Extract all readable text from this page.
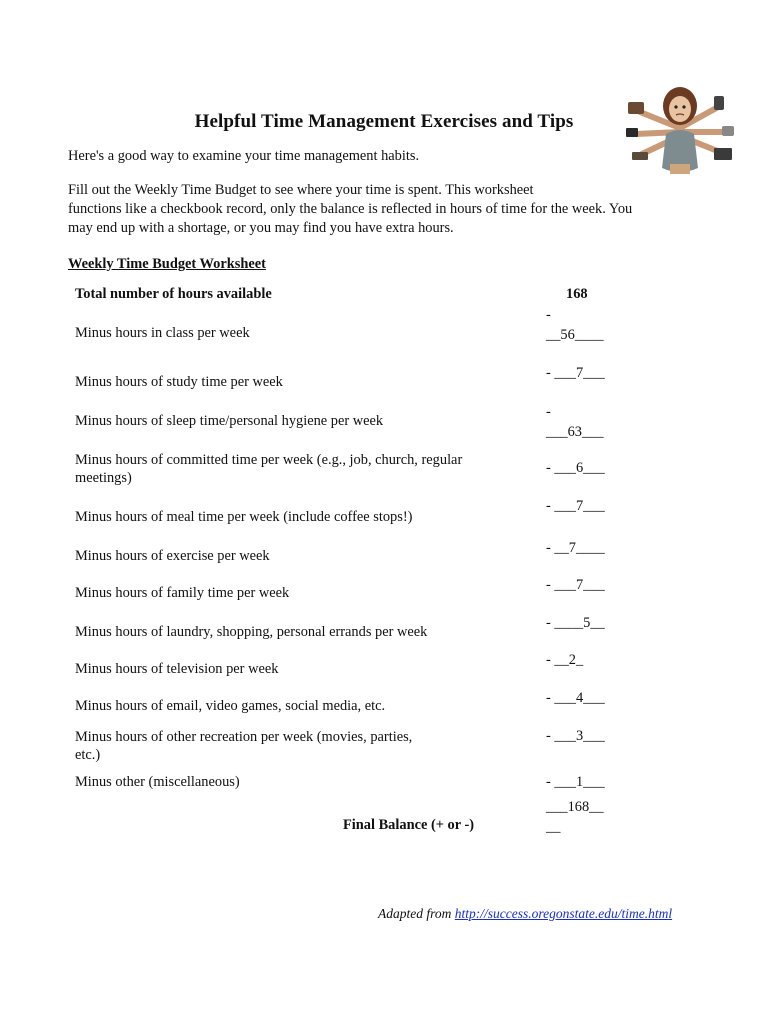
Helpful Time Management Exercises and Tips
Here's a good way to examine your time management habits.
Fill out the Weekly Time Budget to see where your time is spent. This worksheet
functions like a checkbook record, only the balance is reflected in hours of time for the week. You
may end up with a shortage, or you may find you have extra hours.
Weekly Time Budget Worksheet
Total number of hours available	168
Minus hours in class per week
-
__56____
Minus hours of study time per week
- ___7___
Minus hours of sleep time/personal hygiene per week
-
___63___
Minus hours of committed time per week (e.g., job, church, regular
meetings)
- ___6___
Minus hours of meal time per week (include coffee stops!)
- ___7___
Minus hours of exercise per week	- __7____
Minus hours of family time per week	- ___7___
Minus hours of laundry, shopping, personal errands per week
- ____5__
Minus hours of television per week
- __2_
Minus hours of email, video games, social media, etc.	- ___4___
Minus hours of other recreation per week (movies, parties,
etc.)
- ___3___
Minus other (miscellaneous)	- ___1___
Final Balance (+ or -)
___168__
__
Adapted from http://success.oregonstate.edu/time.html
